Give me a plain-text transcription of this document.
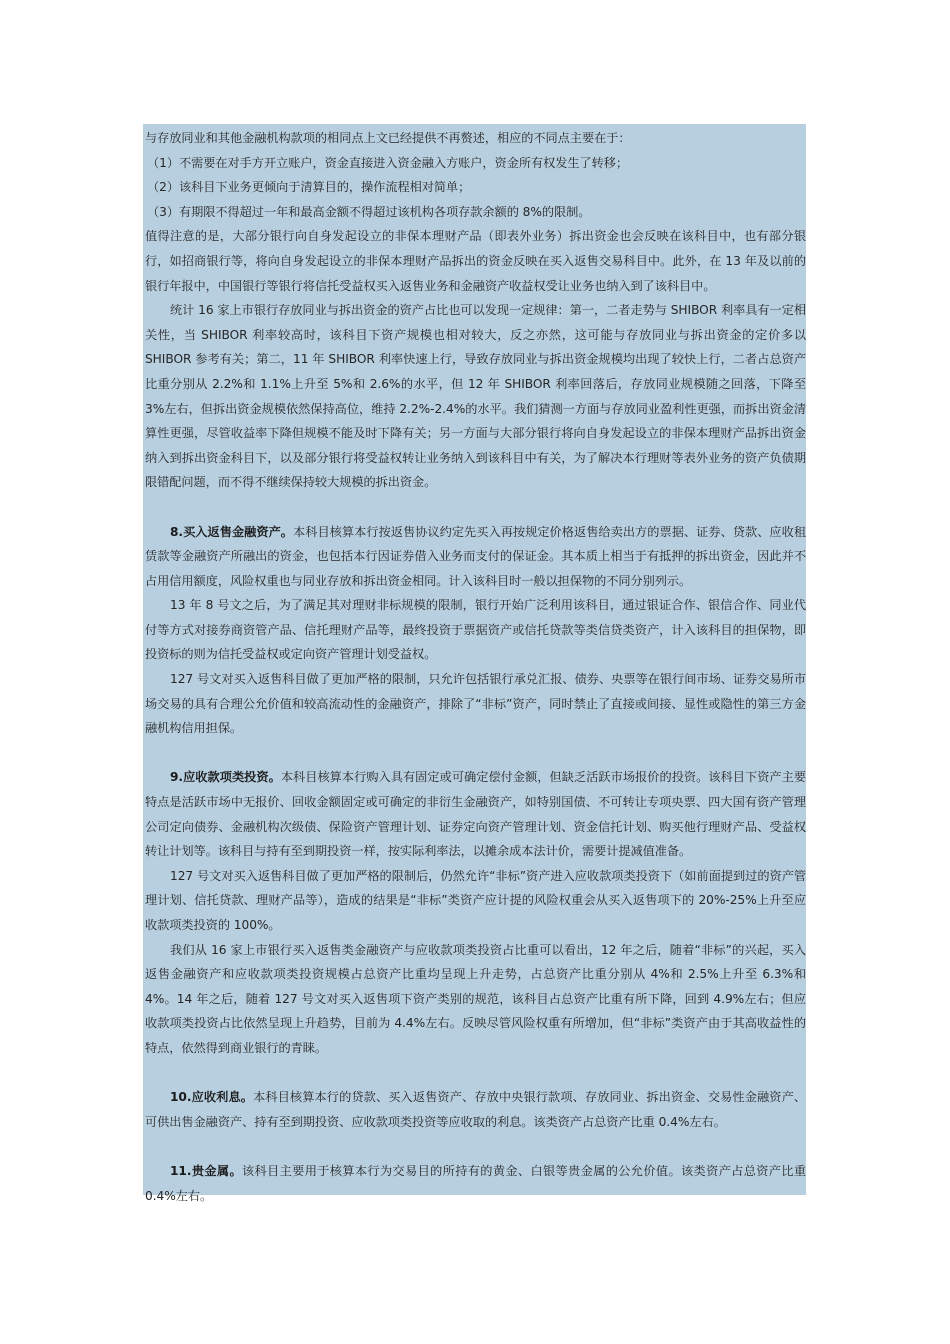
与存放同业和其他金融机构款项的相同点上文已经提供不再赘述，相应的不同点主要在于：

（1）不需要在对手方开立账户，资金直接进入资金融入方账户，资金所有权发生了转移；

（2）该科目下业务更倾向于清算目的，操作流程相对简单；

（3）有期限不得超过一年和最高金额不得超过该机构各项存款余额的 8%的限制。

值得注意的是，大部分银行向自身发起设立的非保本理财产品（即表外业务）拆出资金也会反映在该科目中，也有部分银行，如招商银行等，将向自身发起设立的非保本理财产品拆出的资金反映在买入返售交易科目中。此外，在 13 年及以前的银行年报中，中国银行等银行将信托受益权买入返售业务和金融资产收益权受让业务也纳入到了该科目中。

统计 16 家上市银行存放同业与拆出资金的资产占比也可以发现一定规律：第一，二者走势与 SHIBOR 利率具有一定相关性，当 SHIBOR 利率较高时，该科目下资产规模也相对较大，反之亦然，这可能与存放同业与拆出资金的定价多以 SHIBOR 参考有关；第二，11 年 SHIBOR 利率快速上行，导致存放同业与拆出资金规模均出现了较快上行，二者占总资产比重分别从 2.2%和 1.1%上升至 5%和 2.6%的水平，但 12 年 SHIBOR 利率回落后，存放同业规模随之回落，下降至 3%左右，但拆出资金规模依然保持高位，维持 2.2%-2.4%的水平。我们猜测一方面与存放同业盈利性更强，而拆出资金清算性更强，尽管收益率下降但规模不能及时下降有关；另一方面与大部分银行将向自身发起设立的非保本理财产品拆出资金纳入到拆出资金科目下，以及部分银行将受益权转让业务纳入到该科目中有关，为了解决本行理财等表外业务的资产负债期限错配问题，而不得不继续保持较大规模的拆出资金。

8.买入返售金融资产。本科目核算本行按返售协议约定先买入再按规定价格返售给卖出方的票据、证券、贷款、应收租赁款等金融资产所融出的资金，也包括本行因证券借入业务而支付的保证金。其本质上相当于有抵押的拆出资金，因此并不占用信用额度，风险权重也与同业存放和拆出资金相同。计入该科目时一般以担保物的不同分别列示。

13 年 8 号文之后，为了满足其对理财非标规模的限制，银行开始广泛利用该科目，通过银证合作、银信合作、同业代付等方式对接券商资管产品、信托理财产品等，最终投资于票据资产或信托贷款等类信贷类资产，计入该科目的担保物，即投资标的则为信托受益权或定向资产管理计划受益权。

127 号文对买入返售科目做了更加严格的限制，只允许包括银行承兑汇报、债券、央票等在银行间市场、证券交易所市场交易的具有合理公允价值和较高流动性的金融资产，排除了“非标”资产，同时禁止了直接或间接、显性或隐性的第三方金融机构信用担保。

9.应收款项类投资。本科目核算本行购入具有固定或可确定偿付金额，但缺乏活跃市场报价的投资。该科目下资产主要特点是活跃市场中无报价、回收金额固定或可确定的非衍生金融资产，如特别国债、不可转让专项央票、四大国有资产管理公司定向债券、金融机构次级债、保险资产管理计划、证券定向资产管理计划、资金信托计划、购买他行理财产品、受益权转让计划等。该科目与持有至到期投资一样，按实际利率法，以摊余成本法计价，需要计提减值准备。

127 号文对买入返售科目做了更加严格的限制后，仍然允许“非标”资产进入应收款项类投资下（如前面提到过的资产管理计划、信托贷款、理财产品等），造成的结果是“非标”类资产应计提的风险权重会从买入返售项下的 20%-25%上升至应收款项类投资的 100%。

我们从 16 家上市银行买入返售类金融资产与应收款项类投资占比重可以看出，12 年之后，随着“非标”的兴起，买入返售金融资产和应收款项类投资规模占总资产比重均呈现上升走势，占总资产比重分别从 4%和 2.5%上升至 6.3%和 4%。14 年之后，随着 127 号文对买入返售项下资产类别的规范，该科目占总资产比重有所下降，回到 4.9%左右；但应收款项类投资占比依然呈现上升趋势，目前为 4.4%左右。反映尽管风险权重有所增加，但“非标”类资产由于其高收益性的特点，依然得到商业银行的青睐。

10.应收利息。本科目核算本行的贷款、买入返售资产、存放中央银行款项、存放同业、拆出资金、交易性金融资产、可供出售金融资产、持有至到期投资、应收款项类投资等应收取的利息。该类资产占总资产比重 0.4%左右。

11.贵金属。该科目主要用于核算本行为交易目的所持有的黄金、白银等贵金属的公允价值。该类资产占总资产比重 0.4%左右。
